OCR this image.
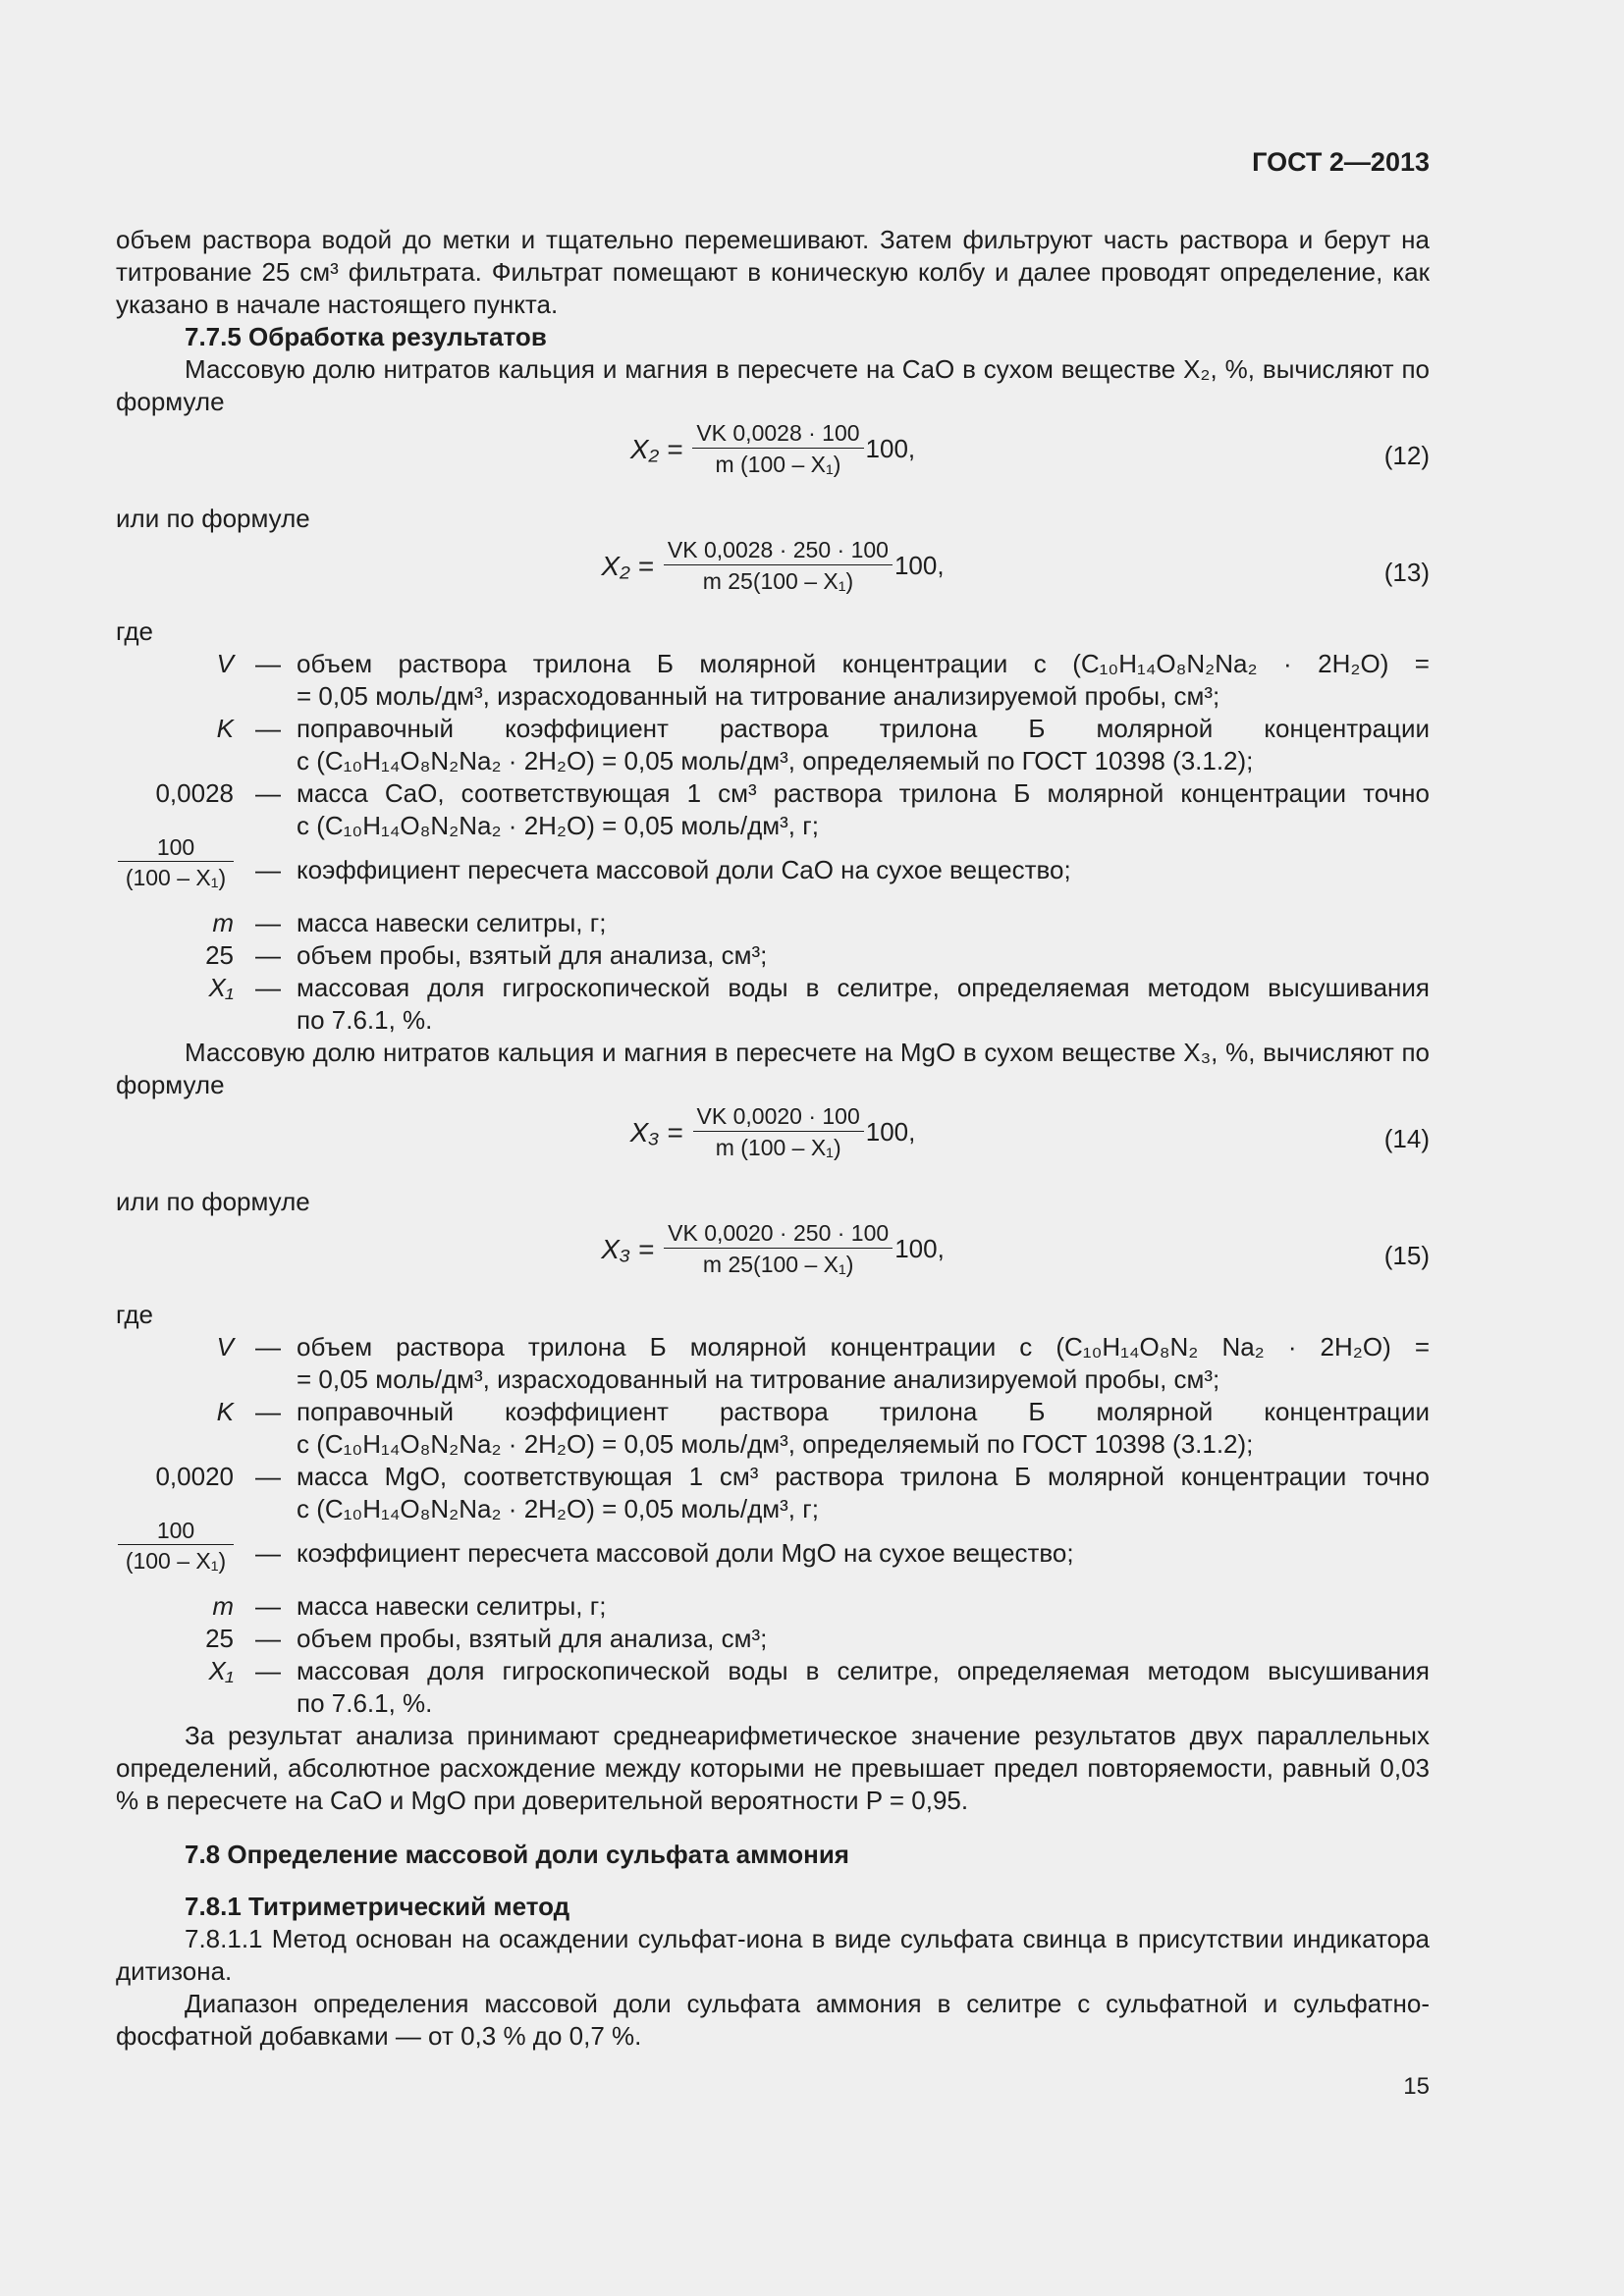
ГОСТ 2—2013

объем раствора водой до метки и тщательно перемешивают. Затем фильтруют часть раствора и берут на титрование 25 см³ фильтрата. Фильтрат помещают в коническую колбу и далее проводят определение, как указано в начале настоящего пункта.

7.7.5 Обработка результатов

Массовую долю нитратов кальция и магния в пересчете на CaO в сухом веществе X₂, %, вычисляют по формуле

$X_2 = \frac{VK 0,0028 \cdot 100}{\text{m (100 – X₁)}} 100$,	(12)

или по формуле

$X_2 = \frac{VK 0,0028 \cdot 250 \cdot 100}{\text{m 25(100 – X₁)}} 100$,	(13)
где
V — объем раствора трилона Б молярной концентрации c (C₁₀H₁₄O₈N₂Na₂ · 2H₂O) =
= 0,05 моль/дм³, израсходованный на титрование анализируемой пробы, см³;
K — поправочный коэффициент раствора трилона Б молярной концентрации
c (C₁₀H₁₄O₈N₂Na₂ · 2H₂O) = 0,05 моль/дм³, определяемый по ГОСТ 10398 (3.1.2);
0,0028 — масса CaO, соответствующая 1 см³ раствора трилона Б молярной концентрации точно
c (C₁₀H₁₄O₈N₂Na₂ · 2H₂O) = 0,05 моль/дм³, г;
$\frac{100}{\text{(100 – X₁)}}$ — коэффициент пересчета массовой доли CaO на сухое вещество;
m — масса навески селитры, г;
25 — объем пробы, взятый для анализа, см³;
X₁ — массовая доля гигроскопической воды в селитре, определяемая методом высушивания
по 7.6.1, %.

Массовую долю нитратов кальция и магния в пересчете на MgO в сухом веществе X₃, %, вычисляют по формуле

$X_3 = \frac{VK 0,0020 \cdot 100}{\text{m (100 – X₁)}} 100$,	(14)

или по формуле

$X_3 = \frac{VK 0,0020 \cdot 250 \cdot 100}{\text{m 25(100 – X₁)}} 100$,	(15)
где
V — объем раствора трилона Б молярной концентрации c (C₁₀H₁₄O₈N₂ Na₂ · 2H₂O) =
= 0,05 моль/дм³, израсходованный на титрование анализируемой пробы, см³;
K — поправочный коэффициент раствора трилона Б молярной концентрации
c (C₁₀H₁₄O₈N₂Na₂ · 2H₂O) = 0,05 моль/дм³, определяемый по ГОСТ 10398 (3.1.2);
0,0020 — масса MgO, соответствующая 1 см³ раствора трилона Б молярной концентрации точно
c (C₁₀H₁₄O₈N₂Na₂ · 2H₂O) = 0,05 моль/дм³, г;
$\frac{100}{\text{(100 – X₁)}}$ — коэффициент пересчета массовой доли MgO на сухое вещество;
m — масса навески селитры, г;
25 — объем пробы, взятый для анализа, см³;
X₁ — массовая доля гигроскопической воды в селитре, определяемая методом высушивания
по 7.6.1, %.

За результат анализа принимают среднеарифметическое значение результатов двух параллельных определений, абсолютное расхождение между которыми не превышает предел повторяемости, равный 0,03 % в пересчете на CaO и MgO при доверительной вероятности P = 0,95.

7.8 Определение массовой доли сульфата аммония

7.8.1 Титриметрический метод

7.8.1.1 Метод основан на осаждении сульфат-иона в виде сульфата свинца в присутствии индикатора дитизона.

Диапазон определения массовой доли сульфата аммония в селитре с сульфатной и сульфатно-фосфатной добавками — от 0,3 % до 0,7 %.

15
